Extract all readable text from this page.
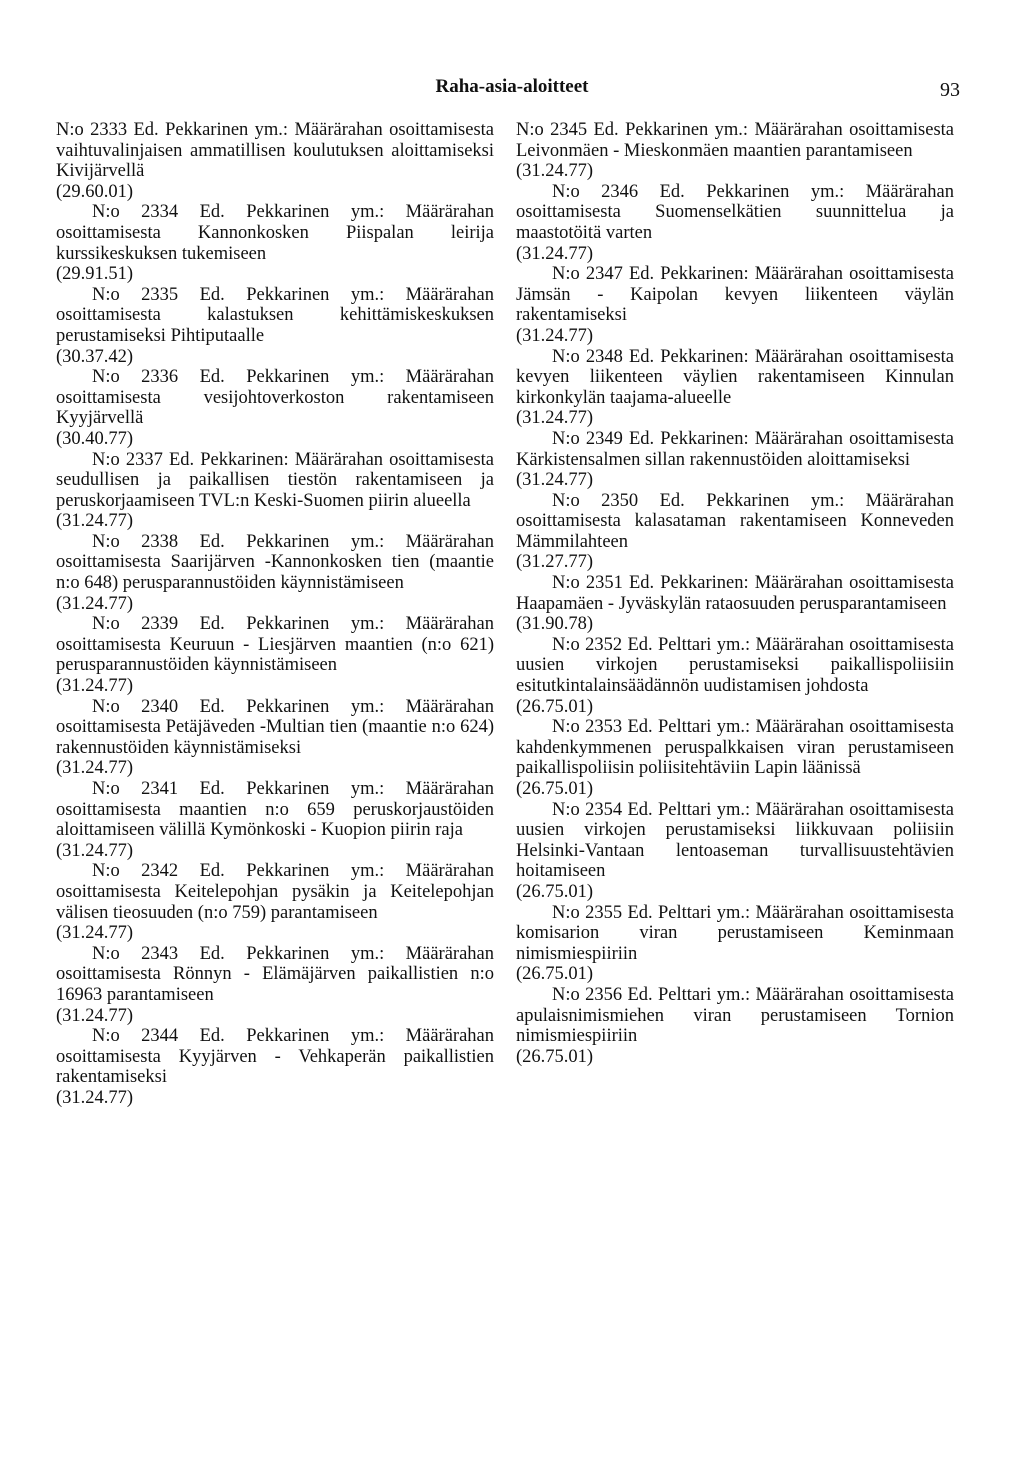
Raha-asia-aloitteet	93
N:o 2333 Ed. Pekkarinen ym.: Määrärahan osoittamisesta vaihtuvalinjaisen ammatillisen koulutuksen aloittamiseksi Kivijärvellä
(29.60.01)
N:o 2334 Ed. Pekkarinen ym.: Määrärahan osoittamisesta Kannonkosken Piispalan leirija kurssikeskuksen tukemiseen
(29.91.51)
N:o 2335 Ed. Pekkarinen ym.: Määrärahan osoittamisesta kalastuksen kehittämiskeskuksen perustamiseksi Pihtiputaalle
(30.37.42)
N:o 2336 Ed. Pekkarinen ym.: Määrärahan osoittamisesta vesijohtoverkoston rakentamiseen Kyyjärvellä
(30.40.77)
N:o 2337 Ed. Pekkarinen: Määrärahan osoittamisesta seudullisen ja paikallisen tiestön rakentamiseen ja peruskorjaamiseen TVL:n Keski-Suomen piirin alueella
(31.24.77)
N:o 2338 Ed. Pekkarinen ym.: Määrärahan osoittamisesta Saarijärven -Kannonkosken tien (maantie n:o 648) perusparannustöiden käynnistämiseen
(31.24.77)
N:o 2339 Ed. Pekkarinen ym.: Määrärahan osoittamisesta Keuruun - Liesjärven maantien (n:o 621) perusparannustöiden käynnistämiseen
(31.24.77)
N:o 2340 Ed. Pekkarinen ym.: Määrärahan osoittamisesta Petäjäveden -Multian tien (maantie n:o 624) rakennustöiden käynnistämiseksi
(31.24.77)
N:o 2341 Ed. Pekkarinen ym.: Määrärahan osoittamisesta maantien n:o 659 peruskorjaustöiden aloittamiseen välillä Kymönkoski - Kuopion piirin raja
(31.24.77)
N:o 2342 Ed. Pekkarinen ym.: Määrärahan osoittamisesta Keitelepohjan pysäkin ja Keitelepohjan välisen tieosuuden (n:o 759) parantamiseen
(31.24.77)
N:o 2343 Ed. Pekkarinen ym.: Määrärahan osoittamisesta Rönnyn - Elämäjärven paikallistien n:o 16963 parantamiseen
(31.24.77)
N:o 2344 Ed. Pekkarinen ym.: Määrärahan osoittamisesta Kyyjärven - Vehkaperän paikallistien rakentamiseksi
(31.24.77)
N:o 2345 Ed. Pekkarinen ym.: Määrärahan osoittamisesta Leivonmäen - Mieskonmäen maantien parantamiseen
(31.24.77)
N:o 2346 Ed. Pekkarinen ym.: Määrärahan osoittamisesta Suomenselkätien suunnittelua ja maastotöitä varten
(31.24.77)
N:o 2347 Ed. Pekkarinen: Määrärahan osoittamisesta Jämsän - Kaipolan kevyen liikenteen väylän rakentamiseksi
(31.24.77)
N:o 2348 Ed. Pekkarinen: Määrärahan osoittamisesta kevyen liikenteen väylien rakentamiseen Kinnulan kirkonkylän taajama-alueelle
(31.24.77)
N:o 2349 Ed. Pekkarinen: Määrärahan osoittamisesta Kärkistensalmen sillan rakennustöiden aloittamiseksi
(31.24.77)
N:o 2350 Ed. Pekkarinen ym.: Määrärahan osoittamisesta kalasataman rakentamiseen Konneveden Mämmilahteen
(31.27.77)
N:o 2351 Ed. Pekkarinen: Määrärahan osoittamisesta Haapamäen - Jyväskylän rataosuuden perusparantamiseen
(31.90.78)
N:o 2352 Ed. Pelttari ym.: Määrärahan osoittamisesta uusien virkojen perustamiseksi paikallispoliisiin esitutkintalainsäädännön uudistamisen johdosta
(26.75.01)
N:o 2353 Ed. Pelttari ym.: Määrärahan osoittamisesta kahdenkymmenen peruspalkkaisen viran perustamiseen paikallispoliisin poliisitehtäviin Lapin läänissä
(26.75.01)
N:o 2354 Ed. Pelttari ym.: Määrärahan osoittamisesta uusien virkojen perustamiseksi liikkuvaan poliisiin Helsinki-Vantaan lentoaseman turvallisuustehtävien hoitamiseen
(26.75.01)
N:o 2355 Ed. Pelttari ym.: Määrärahan osoittamisesta komisarion viran perustamiseen Keminmaan nimismiespiiriin
(26.75.01)
N:o 2356 Ed. Pelttari ym.: Määrärahan osoittamisesta apulaisnimismiehen viran perustamiseen Tornion nimismiespiiriin
(26.75.01)
